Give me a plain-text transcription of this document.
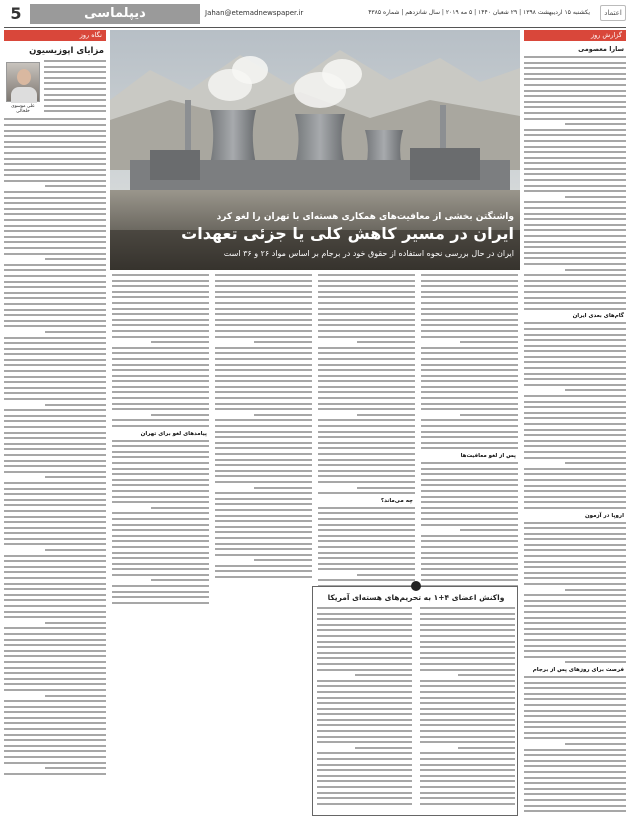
5	دیپلماسی	Jahan@etemadnewspaper.ir	یکشنبه ۱۵ اردیبهشت ۱۳۹۸ | ۲۹ شعبان ۱۴۴۰ | ۵ مه ۲۰۱۹ | سال شانزدهم | شماره ۴۳۸۵	اعتماد
نگاه روز	گزارش روز
مزایای اپوزیسیون
علی موسوی خلخالی
سارا معصومی
گام‌های بعدی ایران
اروپا در آزمون
فرصت برای روزهای پس از برجام
واشنگتن بخشی از معافیت‌های همکاری هسته‌ای با تهران را لغو کرد
ایران در مسیر کاهش کلی یا جزئی تعهدات
ایران در حال بررسی نحوه استفاده از حقوق خود در برجام بر اساس مواد ۲۶ و ۳۶ است
پس از لغو معافیت‌ها
چه می‌ماند؟
پیامدهای لغو برای تهران
واکنش اعضای ۴+۱ به تحریم‌های هسته‌ای آمریکا
